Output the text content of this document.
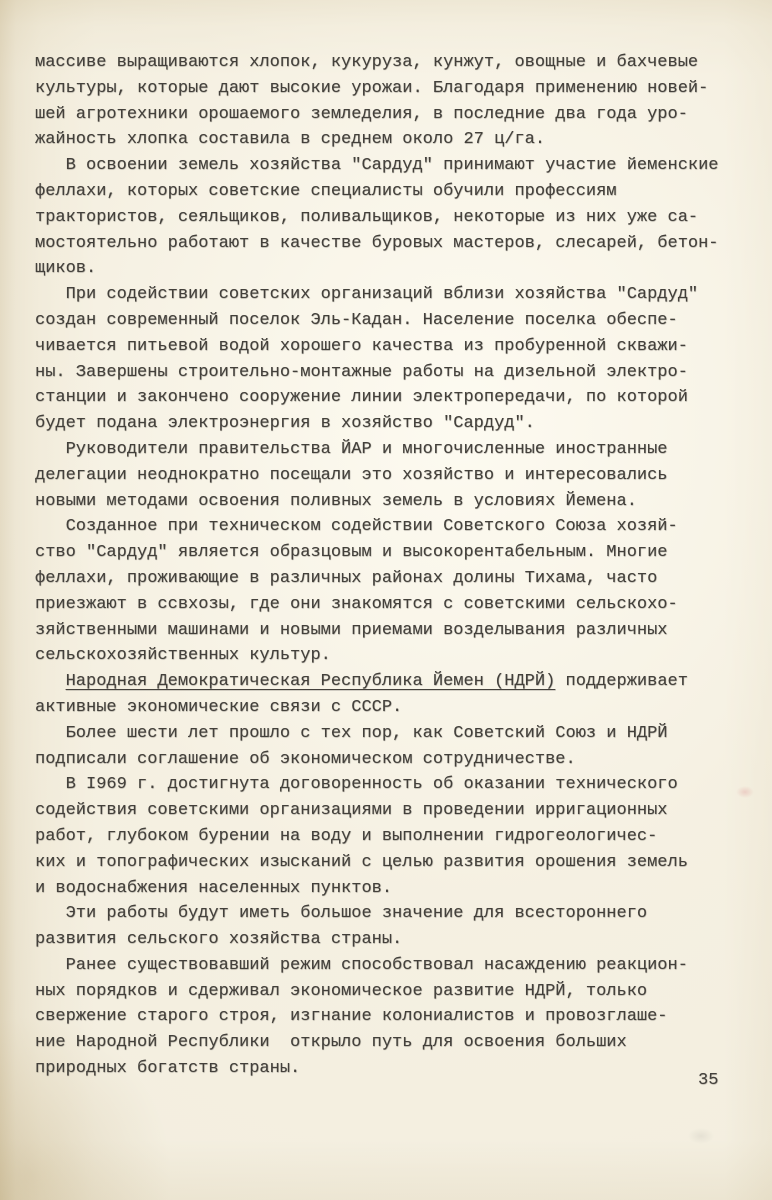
массиве выращиваются хлопок, кукуруза, кунжут, овощные и бахчевые
культуры, которые дают высокие урожаи. Благодаря применению новей-
шей агротехники орошаемого земледелия, в последние два года уро-
жайность хлопка составила в среднем около 27 ц/га.
В освоении земель хозяйства "Сардуд" принимают участие йеменские
феллахи, которых советские специалисты обучили профессиям
трактористов, сеяльщиков, поливальщиков, некоторые из них уже са-
мостоятельно работают в качестве буровых мастеров, слесарей, бетон-
щиков.
При содействии советских организаций вблизи хозяйства "Сардуд"
создан современный поселок Эль-Кадан. Население поселка обеспе-
чивается питьевой водой хорошего качества из пробуренной скважи-
ны. Завершены строительно-монтажные работы на дизельной электро-
станции и закончено сооружение линии электропередачи, по которой
будет подана электроэнергия в хозяйство "Сардуд".
Руководители правительства ЙАР и многочисленные иностранные
делегации неоднократно посещали это хозяйство и интересовались
новыми методами освоения поливных земель в условиях Йемена.
Созданное при техническом содействии Советского Союза хозяй-
ство "Сардуд" является образцовым и высокорентабельным. Многие
феллахи, проживающие в различных районах долины Тихама, часто
приезжают в ссвхозы, где они знакомятся с советскими сельскохо-
зяйственными машинами и новыми приемами возделывания различных
сельскохозяйственных культур.
Народная Демократическая Республика Йемен (НДРЙ) поддерживает
активные экономические связи с СССР.
Более шести лет прошло с тех пор, как Советский Союз и НДРЙ
подписали соглашение об экономическом сотрудничестве.
В I969 г. достигнута договоренность об оказании технического
содействия советскими организациями в проведении ирригационных
работ, глубоком бурении на воду и выполнении гидрогеологичес-
ких и топографических изысканий с целью развития орошения земель
и водоснабжения населенных пунктов.
Эти работы будут иметь большое значение для всестороннего
развития сельского хозяйства страны.
Ранее существовавший режим способствовал насаждению реакцион-
ных порядков и сдерживал экономическое развитие НДРЙ, только
свержение старого строя, изгнание колониалистов и провозглаше-
ние Народной Республики  открыло путь для освоения больших
природных богатств страны.
35
